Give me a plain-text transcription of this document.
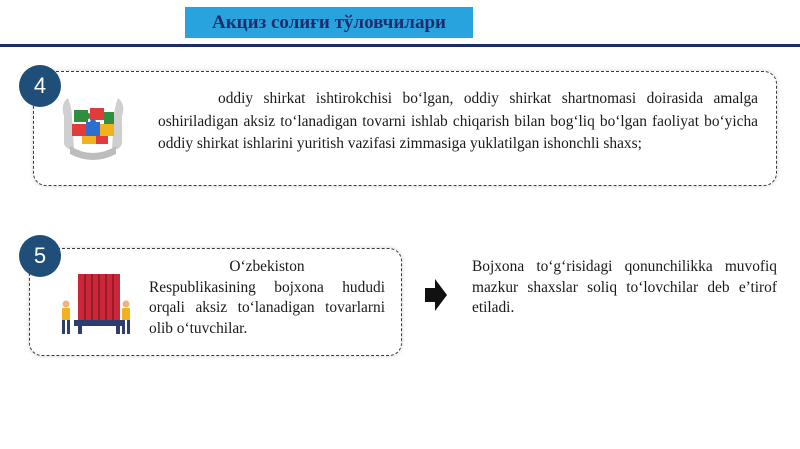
Акциз солиғи тўловчилари
4
oddiy shirkat ishtirokchisi bo‘lgan, oddiy shirkat shartnomasi doirasida amalga oshiriladigan aksiz to‘lanadigan tovarni ishlab chiqarish bilan bog‘liq bo‘lgan faoliyat bo‘yicha oddiy shirkat ishlarini yuritish vazifasi zimmasiga yuklatilgan ishonchli shaxs;
5	O‘zbekiston
Respublikasining bojxona hududi orqali aksiz to‘lanadigan tovarlarni olib o‘tuvchilar.
Bojxona to‘g‘risidagi qonunchilikka muvofiq mazkur shaxslar soliq to‘lovchilar deb e’tirof etiladi.
